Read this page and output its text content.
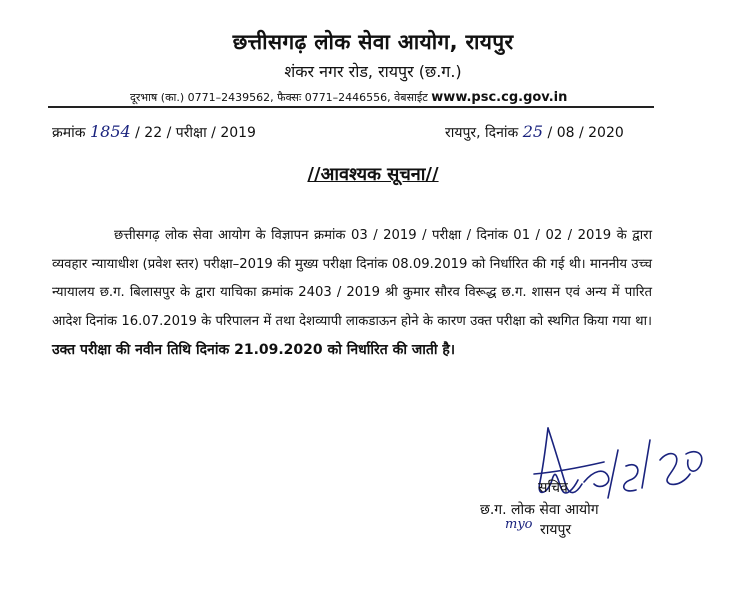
छत्तीसगढ़ लोक सेवा आयोग, रायपुर
शंकर नगर रोड, रायपुर (छ.ग.)
दूरभाष (का.) 0771–2439562, फैक्सः 0771–2446556, वेबसाईट www.psc.cg.gov.in
क्रमांक 1854 / 22 / परीक्षा / 2019	रायपुर, दिनांक 25 / 08 / 2020
//आवश्यक सूचना//
छत्तीसगढ़ लोक सेवा आयोग के विज्ञापन क्रमांक 03 / 2019 / परीक्षा / दिनांक 01 / 02 / 2019 के द्वारा व्यवहार न्यायाधीश (प्रवेश स्तर) परीक्षा–2019 की मुख्य परीक्षा दिनांक 08.09.2019 को निर्धारित की गई थी। माननीय उच्च न्यायालय छ.ग. बिलासपुर के द्वारा याचिका क्रमांक 2403 / 2019 श्री कुमार सौरव विरूद्ध छ.ग. शासन एवं अन्य में पारित आदेश दिनांक 16.07.2019 के परिपालन में तथा देशव्यापी लाकडाऊन होने के कारण उक्त परीक्षा को स्थगित किया गया था। उक्त परीक्षा की नवीन तिथि दिनांक 21.09.2020 को निर्धारित की जाती है।
25/8/2020
सचिव
छ.ग. लोक सेवा आयोग
myo रायपुर
